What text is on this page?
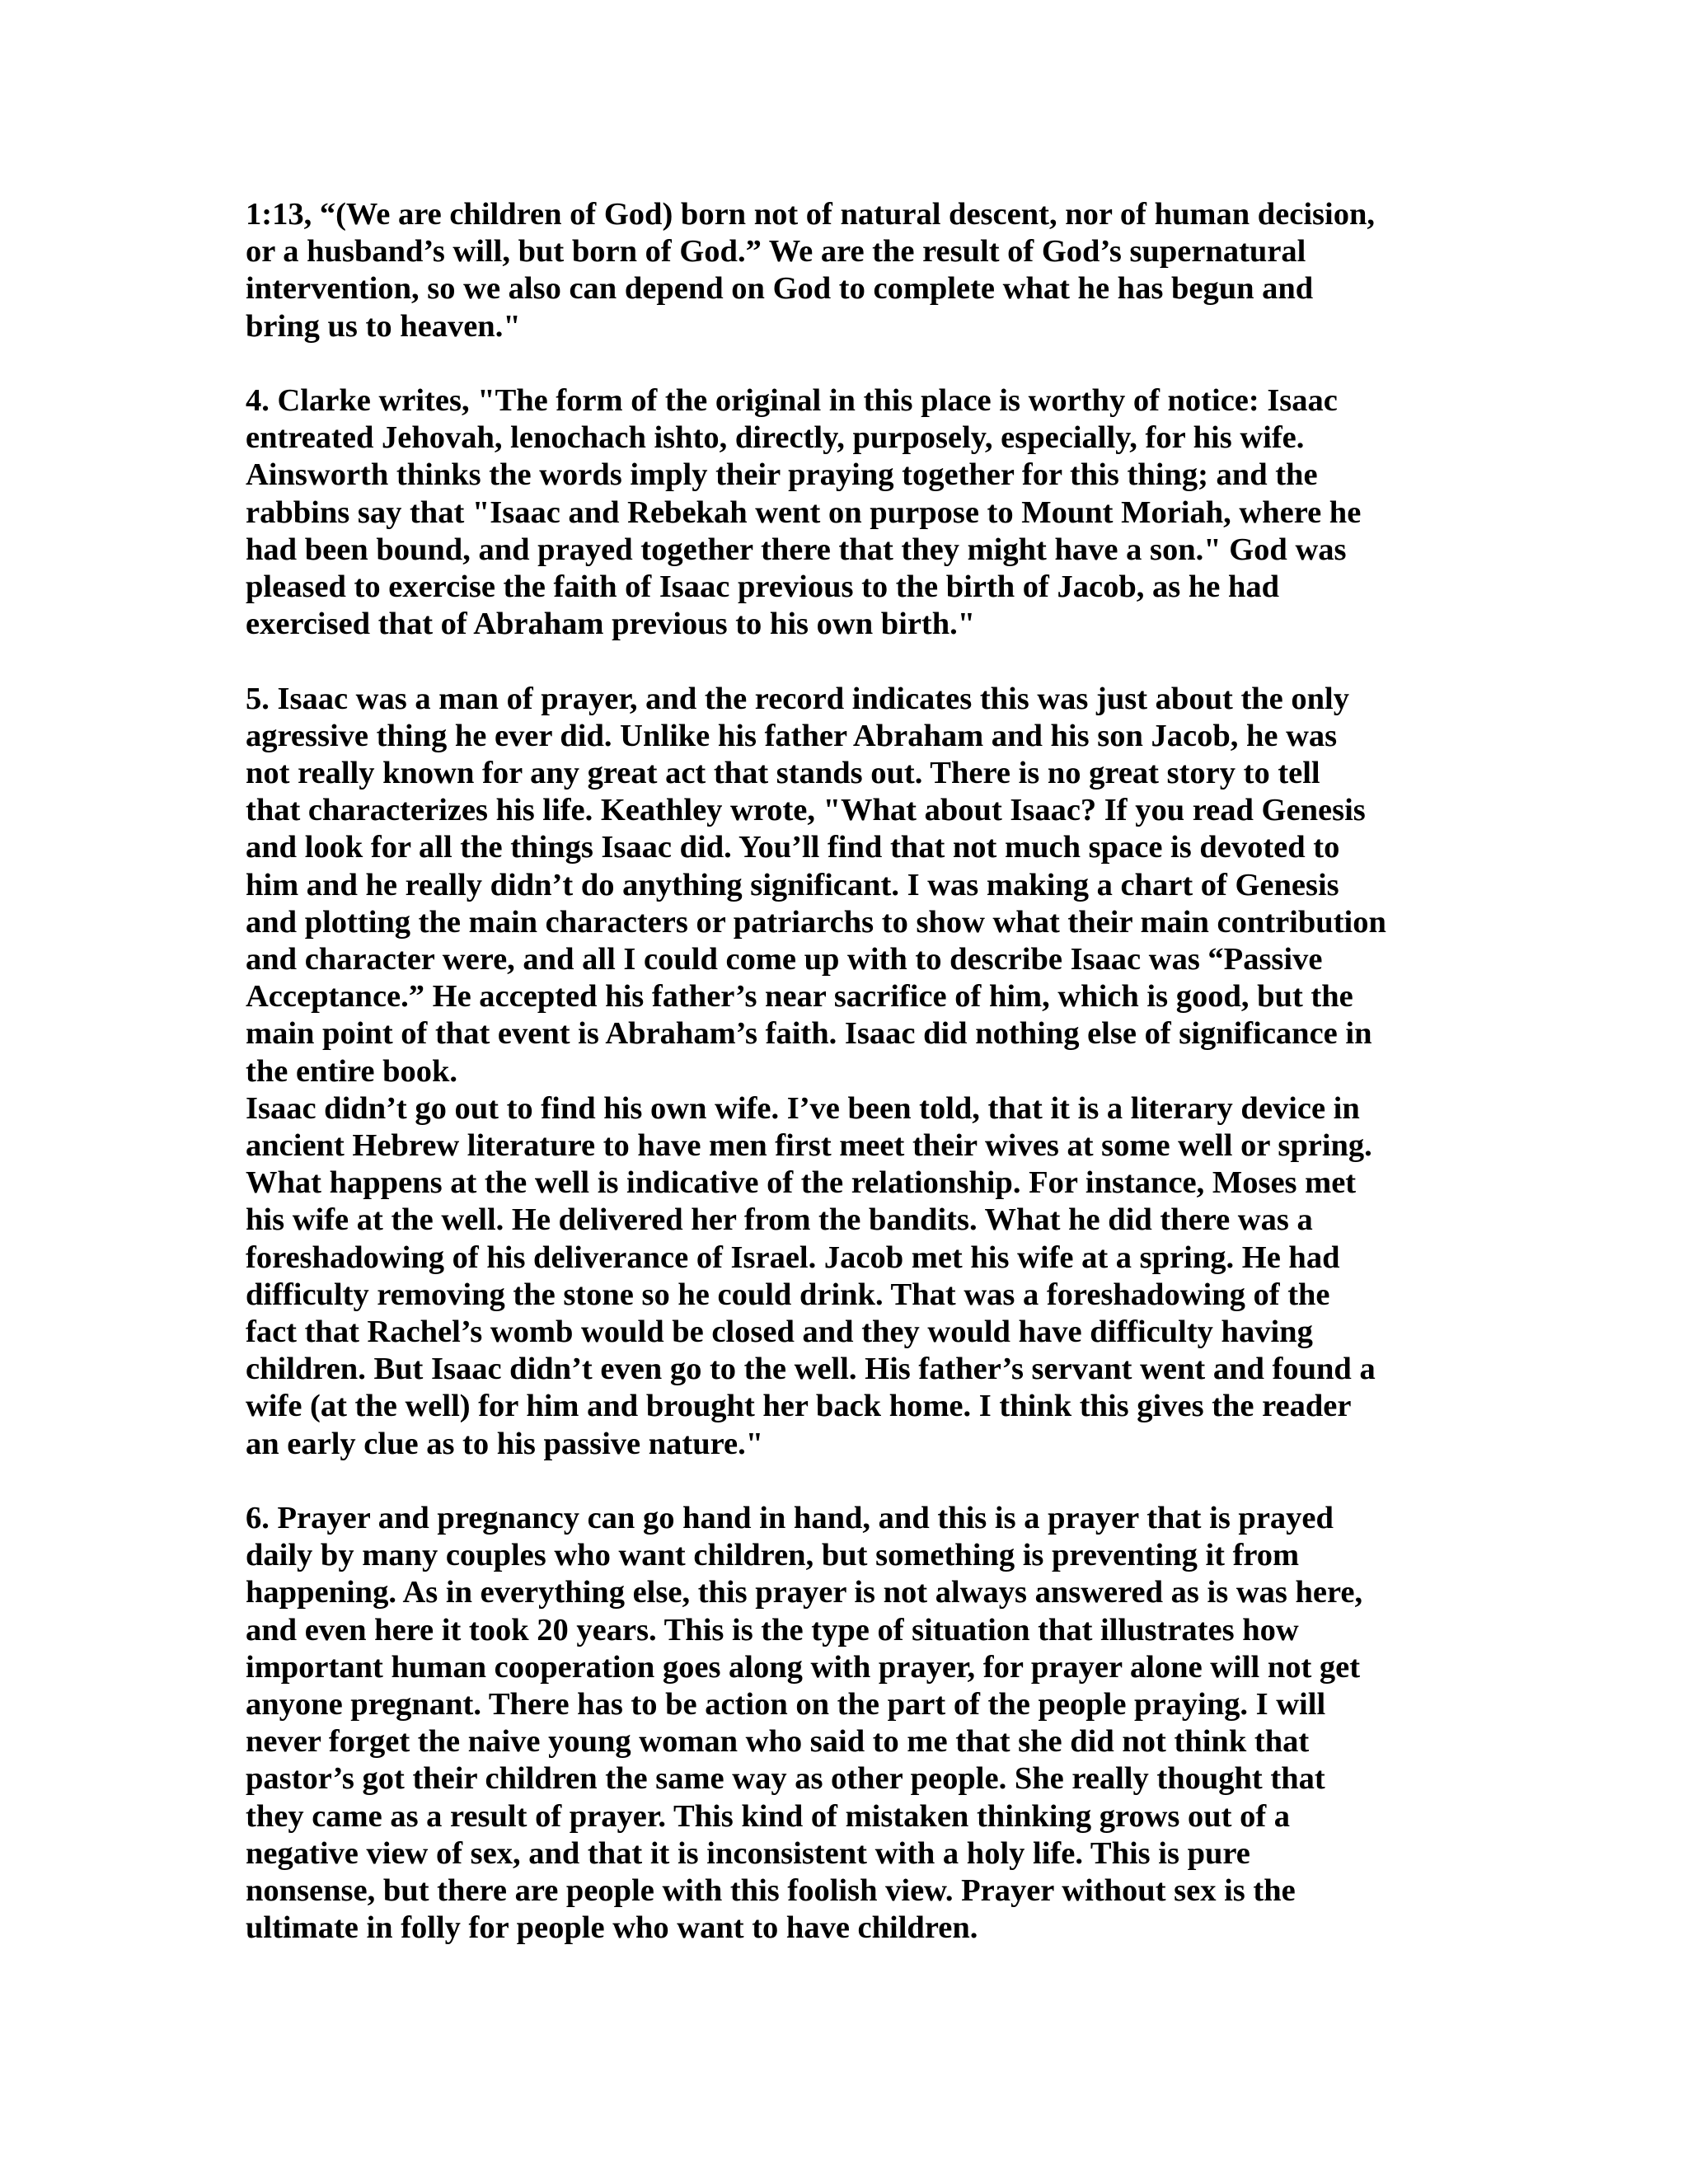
1:13, “(We are children of God) born not of natural descent, nor of human decision,
or a husband’s will, but born of God.” We are the result of God’s supernatural
intervention, so we also can depend on God to complete what he has begun and
bring us to heaven."
4. Clarke writes, "The form of the original in this place is worthy of notice: Isaac
entreated Jehovah, lenochach ishto, directly, purposely, especially, for his wife.
Ainsworth thinks the words imply their praying together for this thing; and the
rabbins say that "Isaac and Rebekah went on purpose to Mount Moriah, where he
had been bound, and prayed together there that they might have a son." God was
pleased to exercise the faith of Isaac previous to the birth of Jacob, as he had
exercised that of Abraham previous to his own birth."
5. Isaac was a man of prayer, and the record indicates this was just about the only
agressive thing he ever did. Unlike his father Abraham and his son Jacob, he was
not really known for any great act that stands out. There is no great story to tell
that characterizes his life. Keathley wrote, "What about Isaac? If you read Genesis
and look for all the things Isaac did. You’ll find that not much space is devoted to
him and he really didn’t do anything significant. I was making a chart of Genesis
and plotting the main characters or patriarchs to show what their main contribution
and character were, and all I could come up with to describe Isaac was “Passive
Acceptance.” He accepted his father’s near sacrifice of him, which is good, but the
main point of that event is Abraham’s faith. Isaac did nothing else of significance in
the entire book.
Isaac didn’t go out to find his own wife. I’ve been told, that it is a literary device in
ancient Hebrew literature to have men first meet their wives at some well or spring.
What happens at the well is indicative of the relationship. For instance, Moses met
his wife at the well. He delivered her from the bandits. What he did there was a
foreshadowing of his deliverance of Israel. Jacob met his wife at a spring. He had
difficulty removing the stone so he could drink. That was a foreshadowing of the
fact that Rachel’s womb would be closed and they would have difficulty having
children. But Isaac didn’t even go to the well. His father’s servant went and found a
wife (at the well) for him and brought her back home. I think this gives the reader
an early clue as to his passive nature."
6. Prayer and pregnancy can go hand in hand, and this is a prayer that is prayed
daily by many couples who want children, but something is preventing it from
happening. As in everything else, this prayer is not always answered as is was here,
and even here it took 20 years. This is the type of situation that illustrates how
important human cooperation goes along with prayer, for prayer alone will not get
anyone pregnant. There has to be action on the part of the people praying. I will
never forget the naive young woman who said to me that she did not think that
pastor’s got their children the same way as other people. She really thought that
they came as a result of prayer. This kind of mistaken thinking grows out of a
negative view of sex, and that it is inconsistent with a holy life. This is pure
nonsense, but there are people with this foolish view. Prayer without sex is the
ultimate in folly for people who want to have children.
